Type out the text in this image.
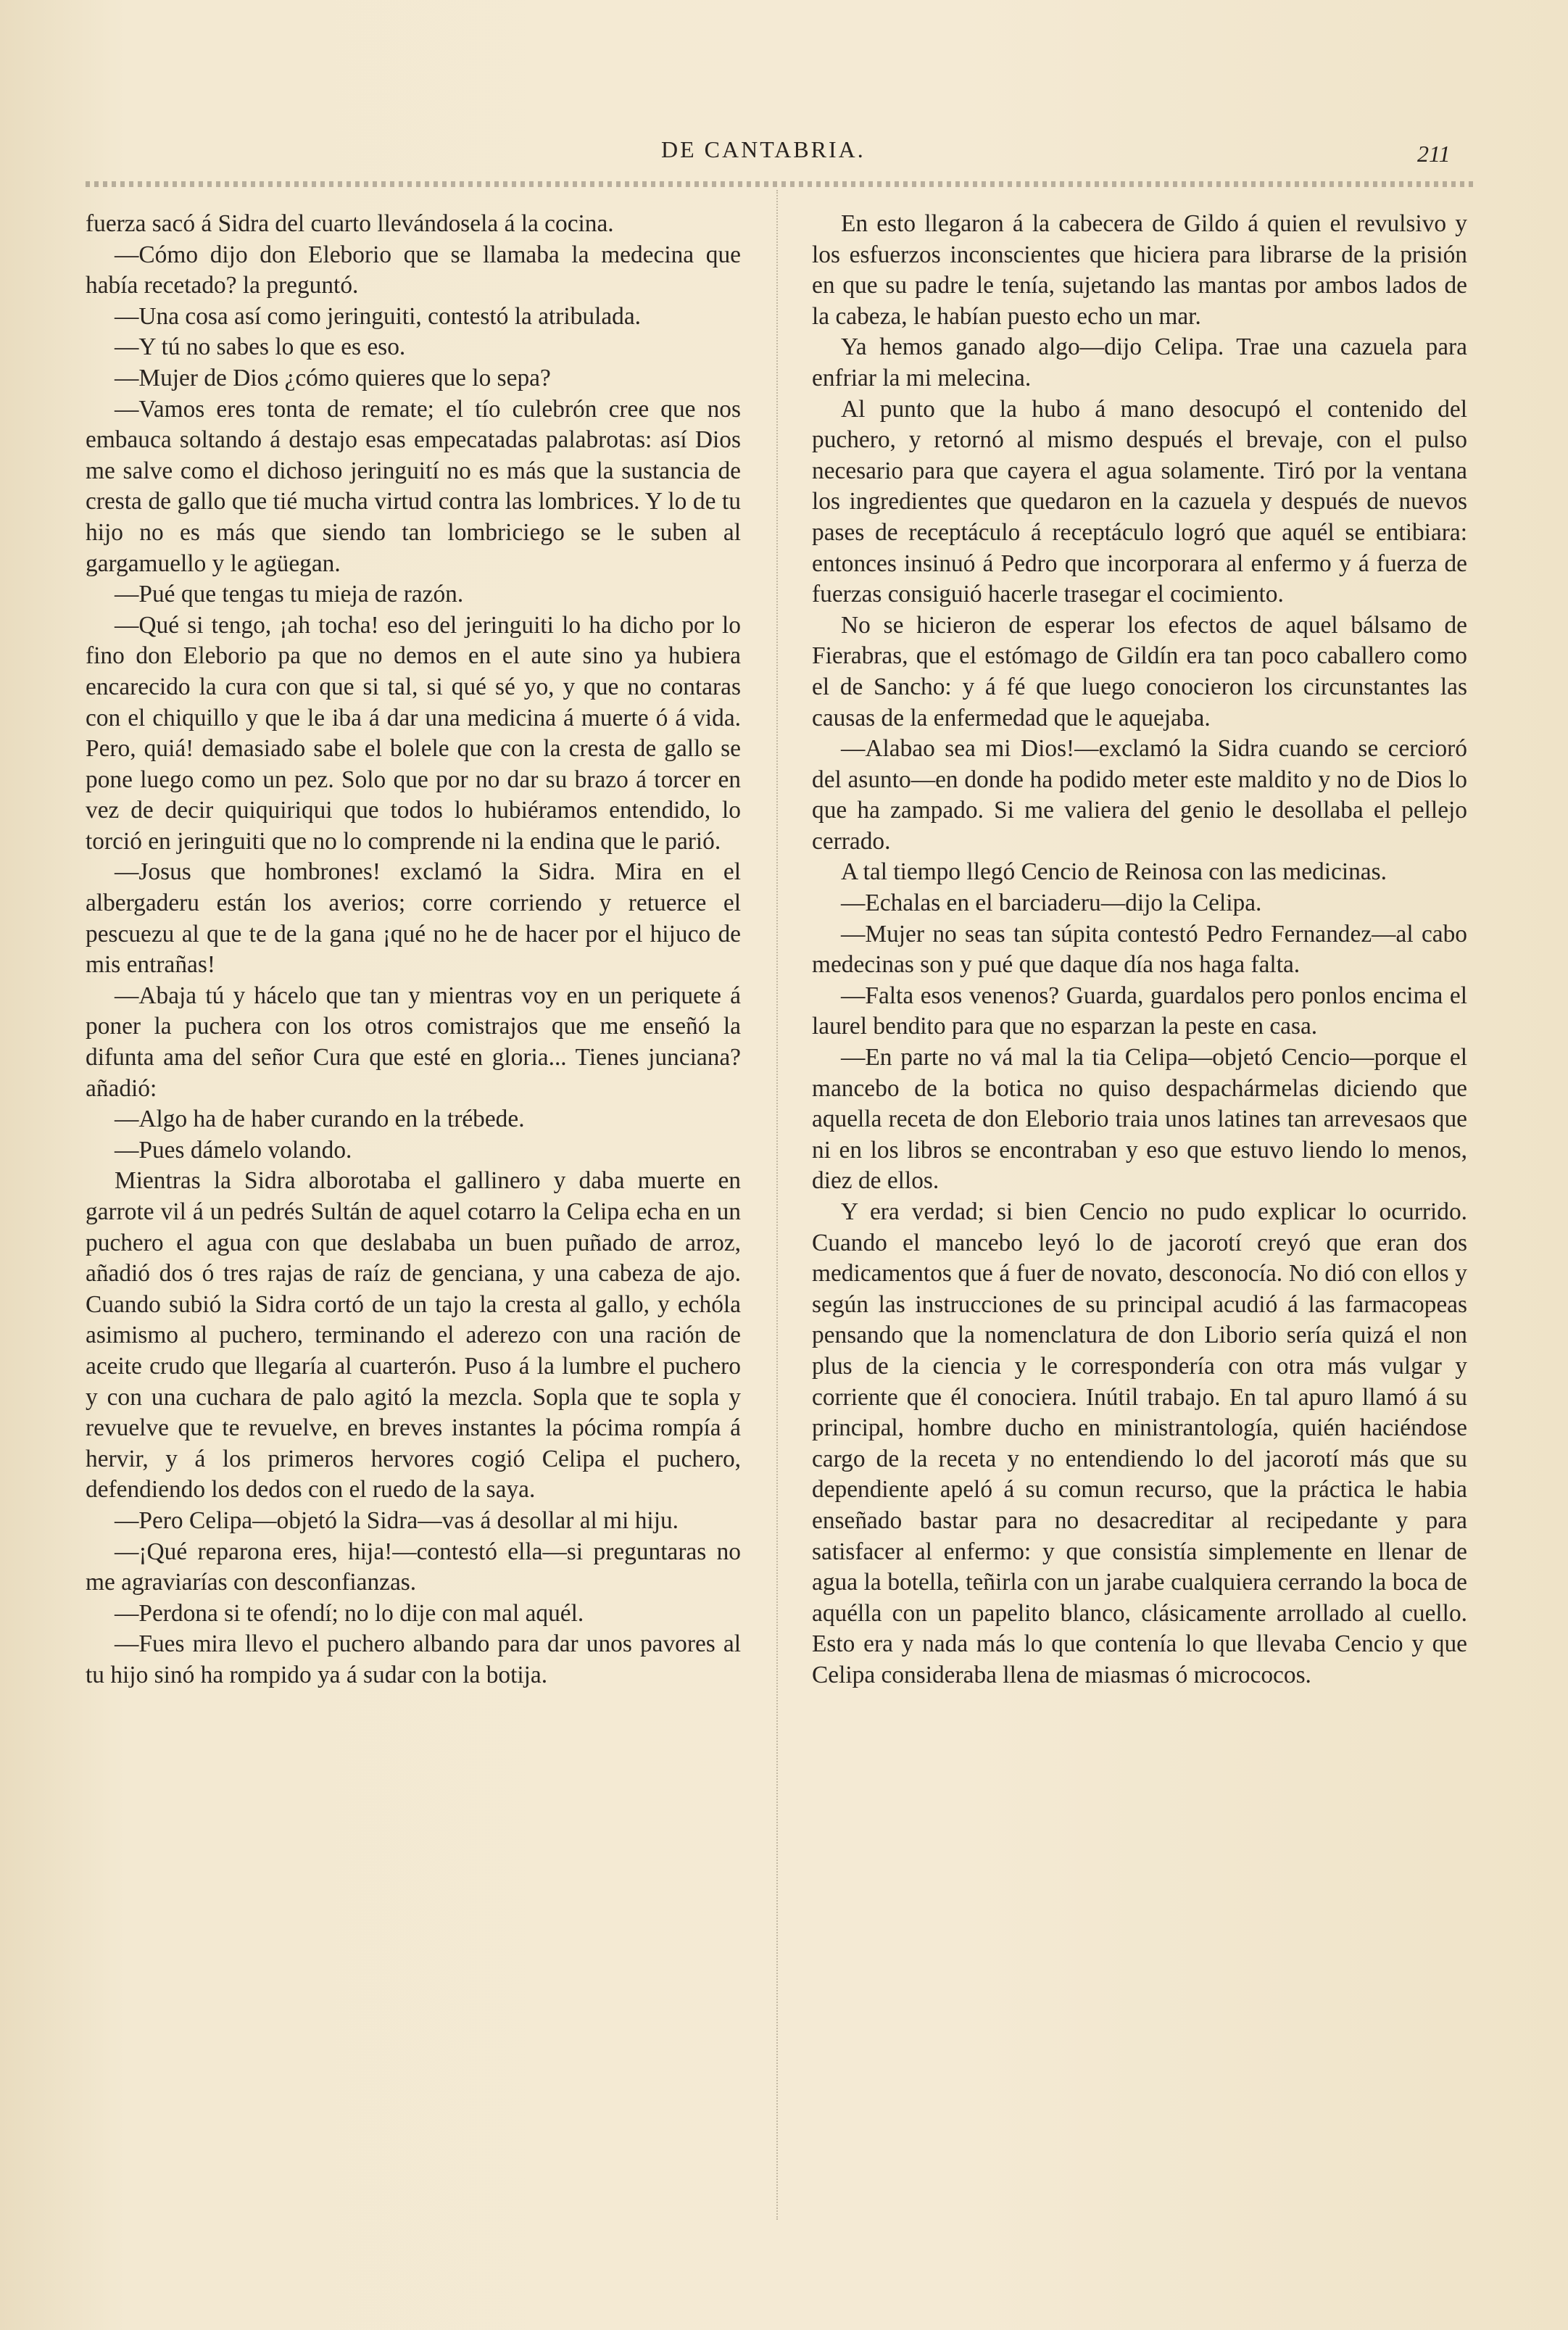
DE CANTABRIA.	211

fuerza sacó á Sidra del cuarto llevándosela á la cocina.

—Cómo dijo don Eleborio que se llamaba la medecina que había recetado? la preguntó.

—Una cosa así como jeringuiti, contestó la atribulada.

—Y tú no sabes lo que es eso.

—Mujer de Dios ¿cómo quieres que lo sepa?

—Vamos eres tonta de remate; el tío culebrón cree que nos embauca soltando á destajo esas empecatadas palabrotas: así Dios me salve como el dichoso jeringuití no es más que la sustancia de cresta de gallo que tié mucha virtud contra las lombrices. Y lo de tu hijo no es más que siendo tan lombriciego se le suben al gargamuello y le agüegan.

—Pué que tengas tu mieja de razón.

—Qué si tengo, ¡ah tocha! eso del jeringuiti lo ha dicho por lo fino don Eleborio pa que no demos en el aute sino ya hubiera encarecido la cura con que si tal, si qué sé yo, y que no contaras con el chiquillo y que le iba á dar una medicina á muerte ó á vida. Pero, quiá! demasiado sabe el bolele que con la cresta de gallo se pone luego como un pez. Solo que por no dar su brazo á torcer en vez de decir quiquiriqui que todos lo hubiéramos entendido, lo torció en jeringuiti que no lo comprende ni la endina que le parió.

—Josus que hombrones! exclamó la Sidra. Mira en el albergaderu están los averios; corre corriendo y retuerce el pescuezu al que te de la gana ¡qué no he de hacer por el hijuco de mis entrañas!

—Abaja tú y hácelo que tan y mientras voy en un periquete á poner la puchera con los otros comistrajos que me enseñó la difunta ama del señor Cura que esté en gloria... Tienes junciana? añadió:

—Algo ha de haber curando en la trébede.

—Pues dámelo volando.

Mientras la Sidra alborotaba el gallinero y daba muerte en garrote vil á un pedrés Sultán de aquel cotarro la Celipa echa en un puchero el agua con que deslababa un buen puñado de arroz, añadió dos ó tres rajas de raíz de genciana, y una cabeza de ajo. Cuando subió la Sidra cortó de un tajo la cresta al gallo, y echóla asimismo al puchero, terminando el aderezo con una ración de aceite crudo que llegaría al cuarterón. Puso á la lumbre el puchero y con una cuchara de palo agitó la mezcla. Sopla que te sopla y revuelve que te revuelve, en breves instantes la pócima rompía á hervir, y á los primeros hervores cogió Celipa el puchero, defendiendo los dedos con el ruedo de la saya.

—Pero Celipa—objetó la Sidra—vas á desollar al mi hiju.

—¡Qué reparona eres, hija!—contestó ella—si preguntaras no me agraviarías con desconfianzas.

—Perdona si te ofendí; no lo dije con mal aquél.

—Fues mira llevo el puchero albando para dar unos pavores al tu hijo sinó ha rompido ya á sudar con la botija.

En esto llegaron á la cabecera de Gildo á quien el revulsivo y los esfuerzos inconscientes que hiciera para librarse de la prisión en que su padre le tenía, sujetando las mantas por ambos lados de la cabeza, le habían puesto echo un mar.

Ya hemos ganado algo—dijo Celipa. Trae una cazuela para enfriar la mi melecina.

Al punto que la hubo á mano desocupó el contenido del puchero, y retornó al mismo después el brevaje, con el pulso necesario para que cayera el agua solamente. Tiró por la ventana los ingredientes que quedaron en la cazuela y después de nuevos pases de receptáculo á receptáculo logró que aquél se entibiara: entonces insinuó á Pedro que incorporara al enfermo y á fuerza de fuerzas consiguió hacerle trasegar el cocimiento.

No se hicieron de esperar los efectos de aquel bálsamo de Fierabras, que el estómago de Gildín era tan poco caballero como el de Sancho: y á fé que luego conocieron los circunstantes las causas de la enfermedad que le aquejaba.

—Alabao sea mi Dios!—exclamó la Sidra cuando se cercioró del asunto—en donde ha podido meter este maldito y no de Dios lo que ha zampado. Si me valiera del genio le desollaba el pellejo cerrado.

A tal tiempo llegó Cencio de Reinosa con las medicinas.

—Echalas en el barciaderu—dijo la Celipa.

—Mujer no seas tan súpita contestó Pedro Fernandez—al cabo medecinas son y pué que daque día nos haga falta.

—Falta esos venenos? Guarda, guardalos pero ponlos encima el laurel bendito para que no esparzan la peste en casa.

—En parte no vá mal la tia Celipa—objetó Cencio—porque el mancebo de la botica no quiso despachármelas diciendo que aquella receta de don Eleborio traia unos latines tan arrevesaos que ni en los libros se encontraban y eso que estuvo liendo lo menos, diez de ellos.

Y era verdad; si bien Cencio no pudo explicar lo ocurrido. Cuando el mancebo leyó lo de jacorotí creyó que eran dos medicamentos que á fuer de novato, desconocía. No dió con ellos y según las instrucciones de su principal acudió á las farmacopeas pensando que la nomenclatura de don Liborio sería quizá el non plus de la ciencia y le correspondería con otra más vulgar y corriente que él conociera. Inútil trabajo. En tal apuro llamó á su principal, hombre ducho en ministrantología, quién haciéndose cargo de la receta y no entendiendo lo del jacorotí más que su dependiente apeló á su comun recurso, que la práctica le habia enseñado bastar para no desacreditar al recipedante y para satisfacer al enfermo: y que consistía simplemente en llenar de agua la botella, teñirla con un jarabe cualquiera cerrando la boca de aquélla con un papelito blanco, clásicamente arrollado al cuello. Esto era y nada más lo que contenía lo que llevaba Cencio y que Celipa consideraba llena de miasmas ó micrococos.
